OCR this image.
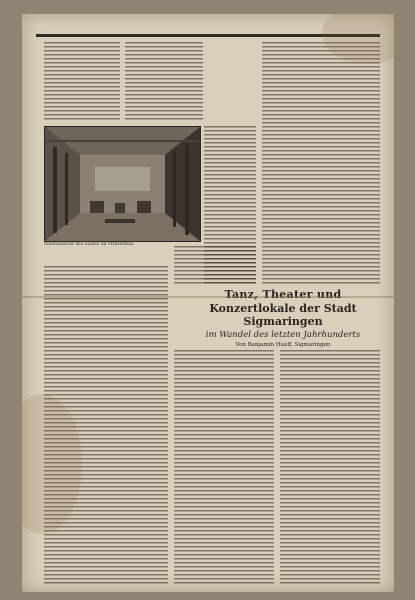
Innenansicht des Saales im Prinzenbau
Tanz, Theater und
Konzertlokale der Stadt Sigmaringen
im Wandel des letzten Jahrhunderts
Von Benjamin Hauff, Sigmaringen
